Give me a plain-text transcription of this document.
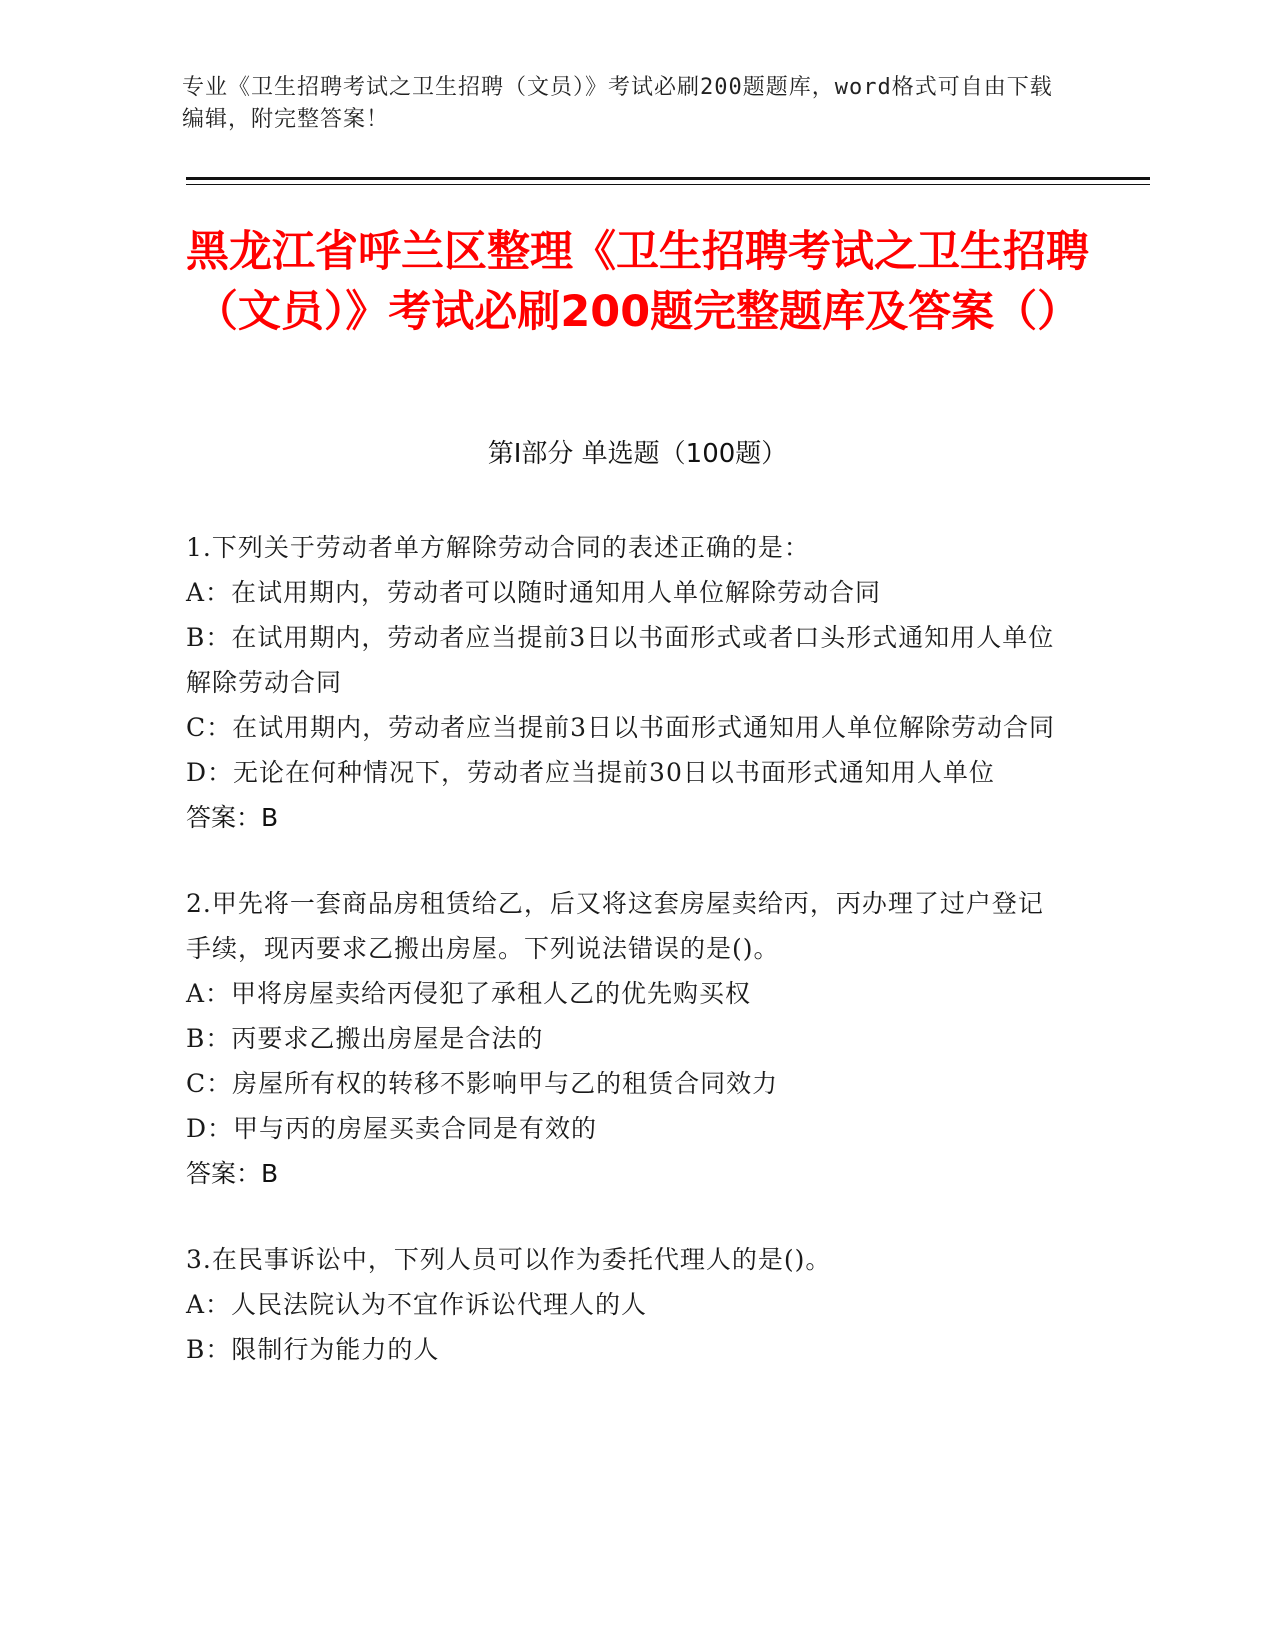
专业《卫生招聘考试之卫生招聘（文员）》考试必刷200题题库，word格式可自由下载编辑，附完整答案！
黑龙江省呼兰区整理《卫生招聘考试之卫生招聘（文员）》考试必刷200题完整题库及答案（）
第I部分 单选题（100题）

1.下列关于劳动者单方解除劳动合同的表述正确的是：

A：在试用期内，劳动者可以随时通知用人单位解除劳动合同

B：在试用期内，劳动者应当提前3日以书面形式或者口头形式通知用人单位解除劳动合同

C：在试用期内，劳动者应当提前3日以书面形式通知用人单位解除劳动合同

D：无论在何种情况下，劳动者应当提前30日以书面形式通知用人单位

答案：B

2.甲先将一套商品房租赁给乙，后又将这套房屋卖给丙，丙办理了过户登记手续，现丙要求乙搬出房屋。下列说法错误的是()。

A：甲将房屋卖给丙侵犯了承租人乙的优先购买权

B：丙要求乙搬出房屋是合法的

C：房屋所有权的转移不影响甲与乙的租赁合同效力

D：甲与丙的房屋买卖合同是有效的

答案：B

3.在民事诉讼中，下列人员可以作为委托代理人的是()。

A：人民法院认为不宜作诉讼代理人的人

B：限制行为能力的人
